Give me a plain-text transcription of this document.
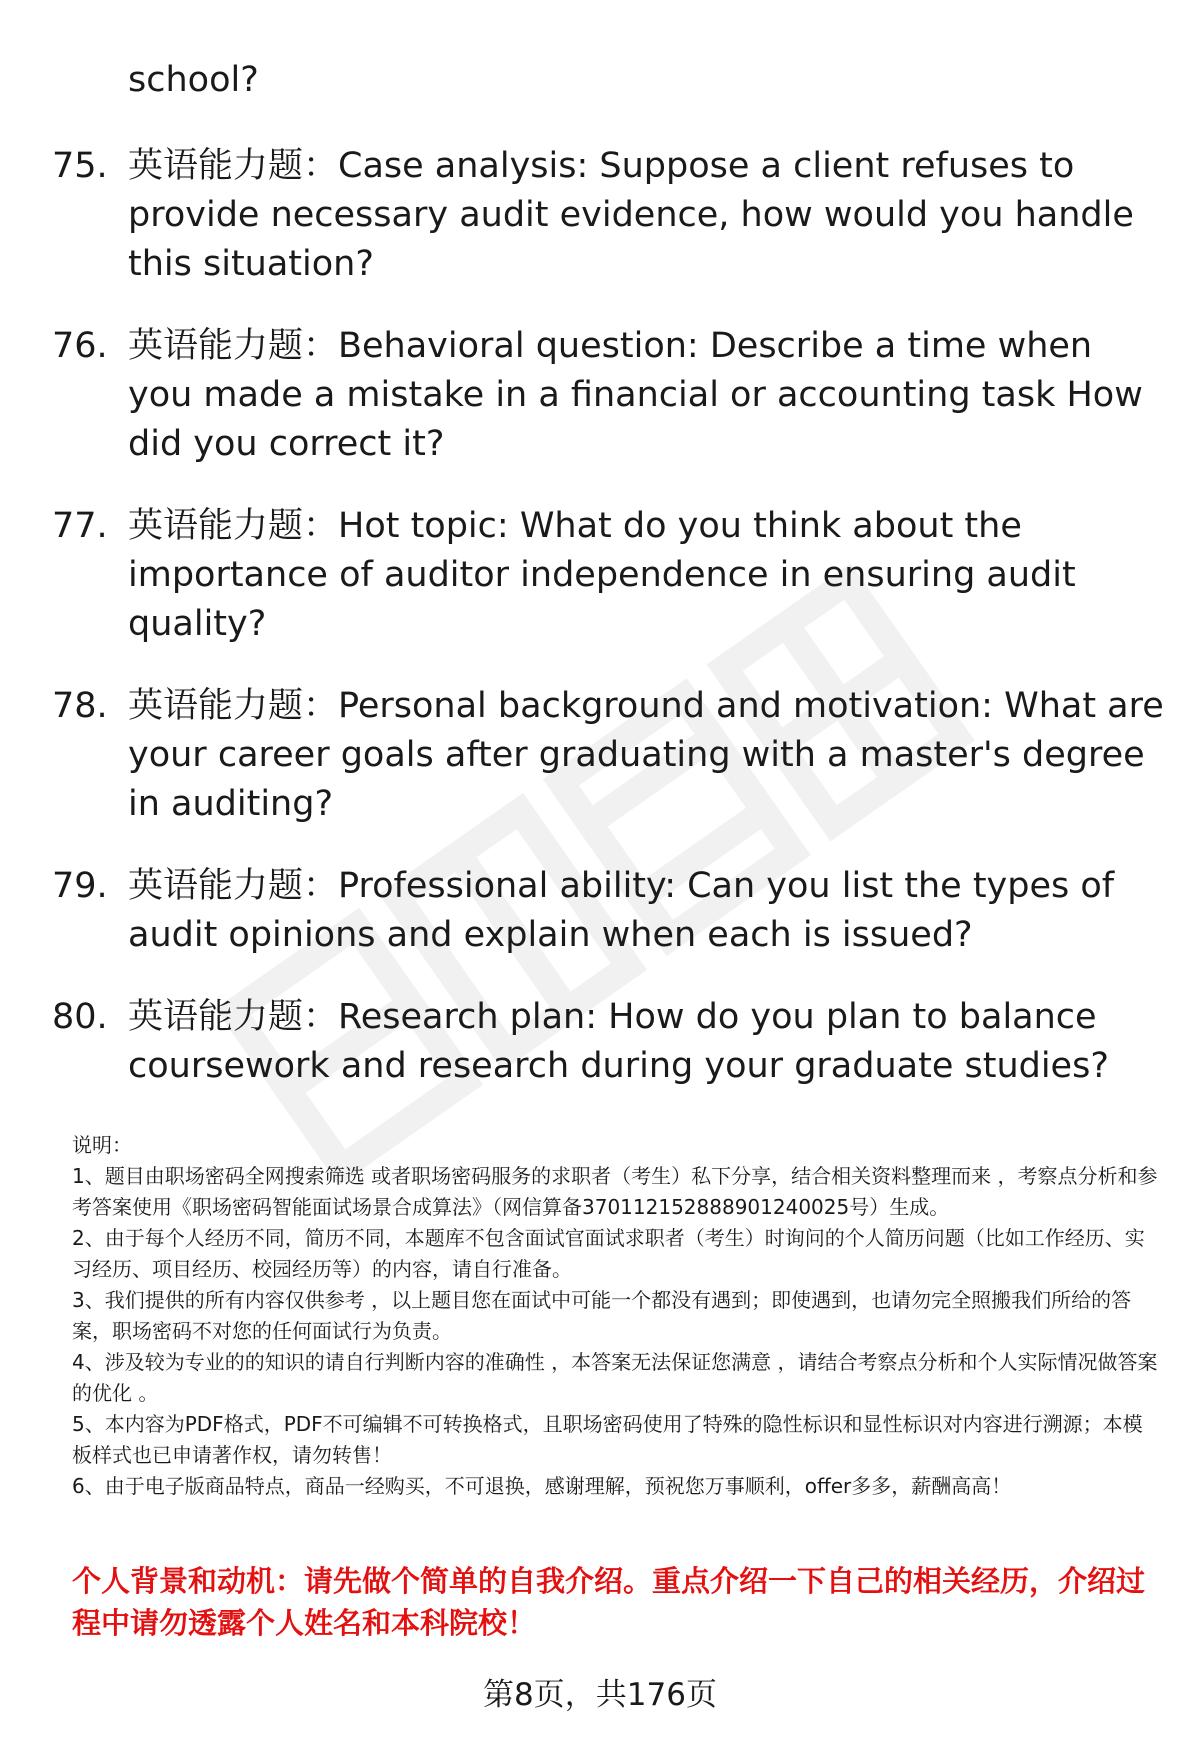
school?
75. 英语能力题：Case analysis: Suppose a client refuses to provide necessary audit evidence, how would you handle this situation?
76. 英语能力题：Behavioral question: Describe a time when you made a mistake in a financial or accounting task How did you correct it?
77. 英语能力题：Hot topic: What do you think about the importance of auditor independence in ensuring audit quality?
78. 英语能力题：Personal background and motivation: What are your career goals after graduating with a master's degree in auditing?
79. 英语能力题：Professional ability: Can you list the types of audit opinions and explain when each is issued?
80. 英语能力题：Research plan: How do you plan to balance coursework and research during your graduate studies?

说明：

1、题目由职场密码全网搜索筛选 或者职场密码服务的求职者（考生）私下分享，结合相关资料整理而来 ，考察点分析和参考答案使用《职场密码智能面试场景合成算法》（网信算备370112152888901240025号）生成。

2、由于每个人经历不同，简历不同，本题库不包含面试官面试求职者（考生）时询问的个人简历问题（比如工作经历、实习经历、项目经历、校园经历等）的内容，请自行准备。

3、我们提供的所有内容仅供参考 ，以上题目您在面试中可能一个都没有遇到；即使遇到，也请勿完全照搬我们所给的答案，职场密码不对您的任何面试行为负责。

4、涉及较为专业的的知识的请自行判断内容的准确性 ，本答案无法保证您满意 ，请结合考察点分析和个人实际情况做答案的优化 。

5、本内容为PDF格式，PDF不可编辑不可转换格式，且职场密码使用了特殊的隐性标识和显性标识对内容进行溯源；本模板样式也已申请著作权，请勿转售！

6、由于电子版商品特点，商品一经购买，不可退换，感谢理解，预祝您万事顺利，offer多多，薪酬高高！

个人背景和动机：请先做个简单的自我介绍。重点介绍一下自己的相关经历，介绍过程中请勿透露个人姓名和本科院校！
第8页，共176页
